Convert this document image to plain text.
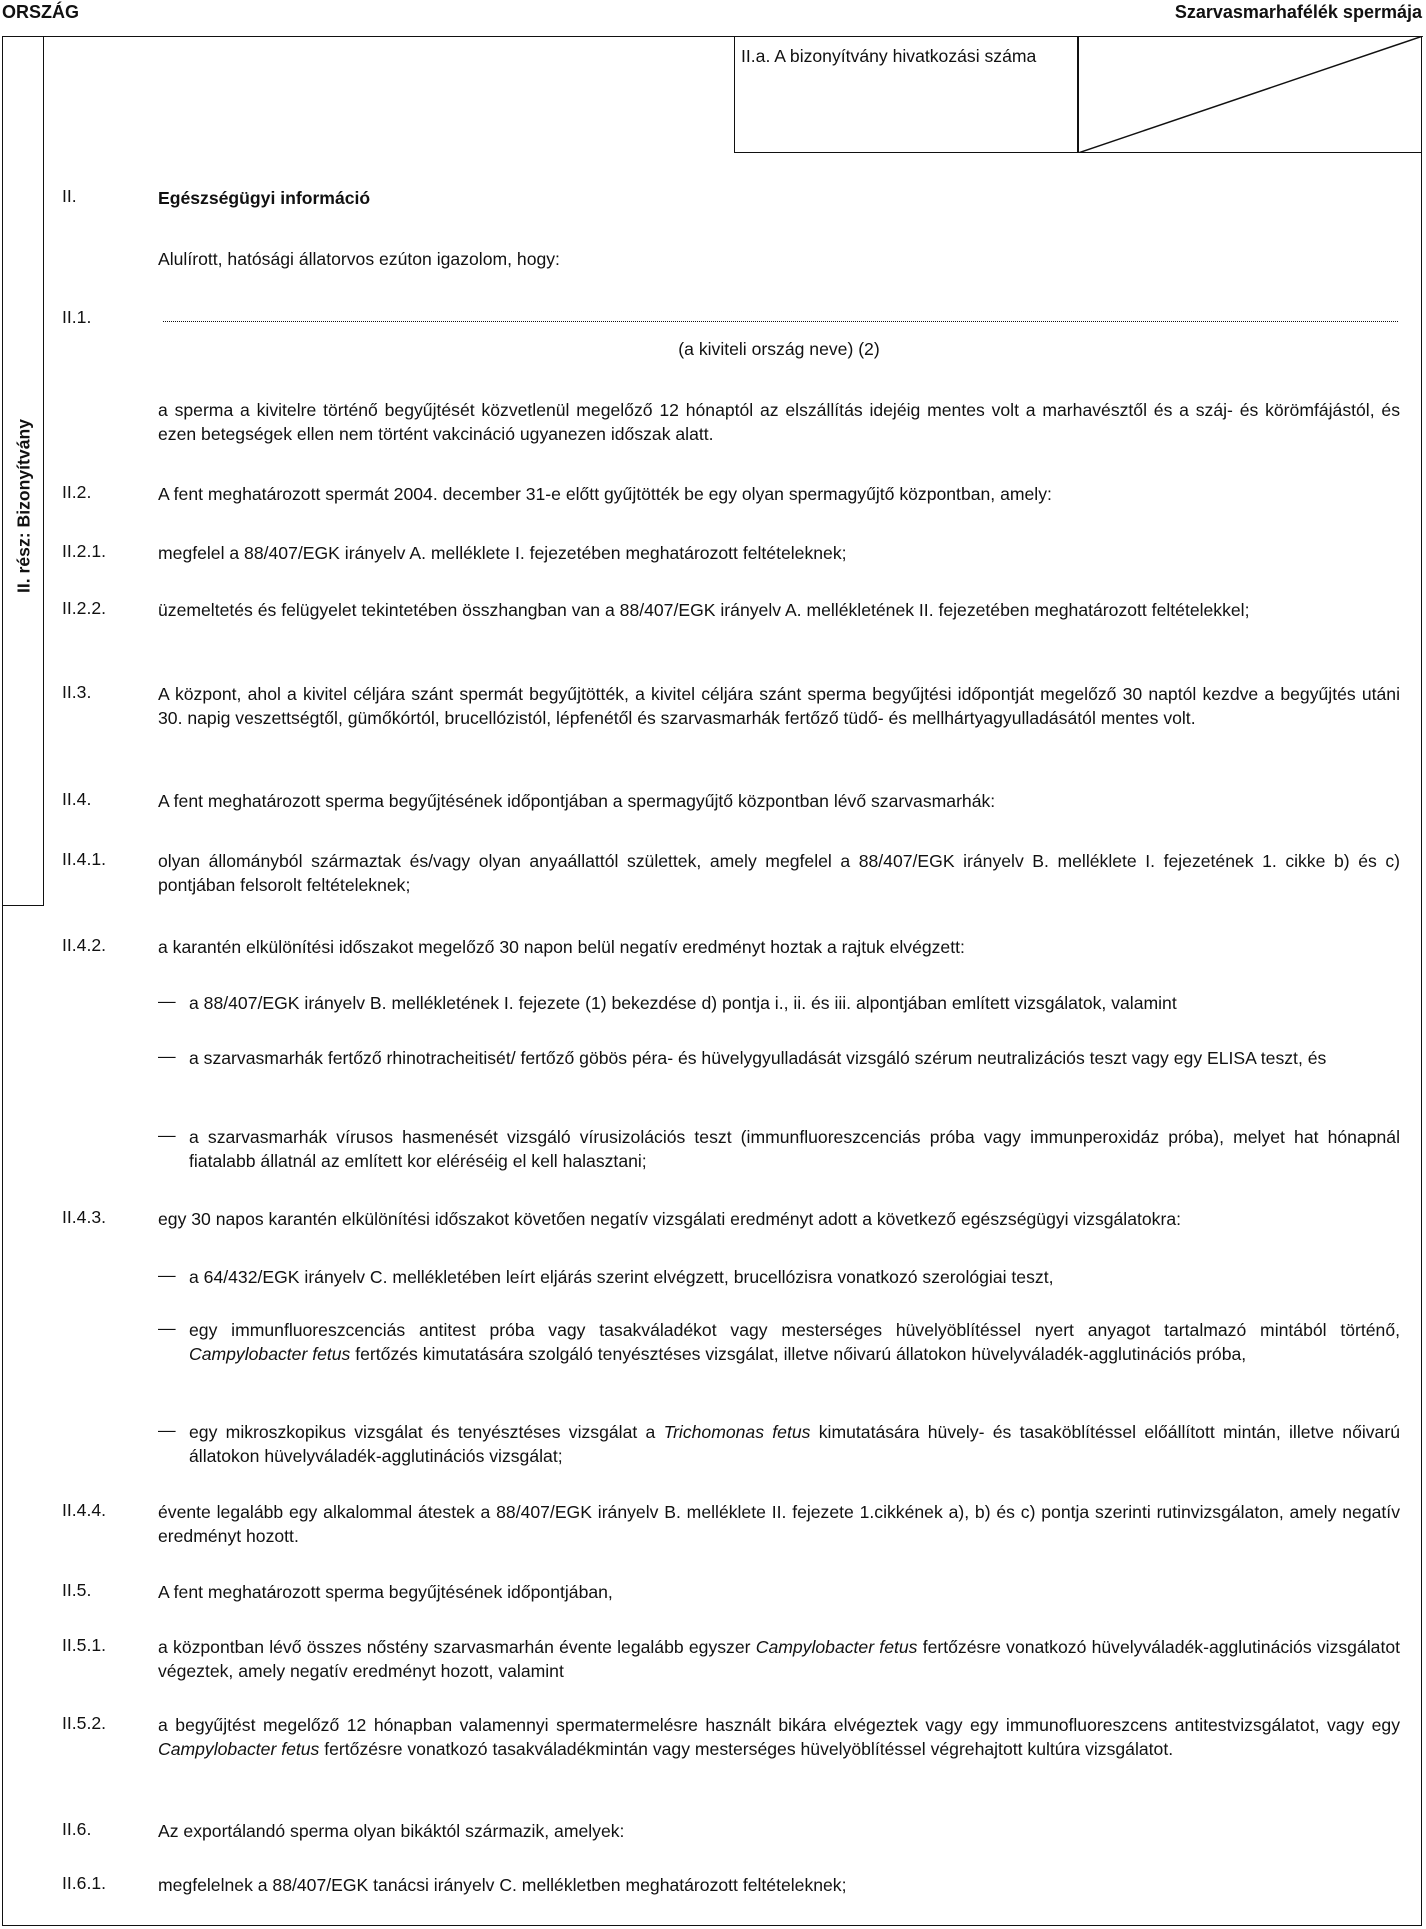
ORSZÁG	Szarvasmarhafélék spermája
II. rész: Bizonyítvány
II.a. A bizonyítvány hivatkozási száma
II.	Egészségügyi információ
Alulírott, hatósági állatorvos ezúton igazolom, hogy:
II.1.
(a kiviteli ország neve) (2)
a sperma a kivitelre történő begyűjtését közvetlenül megelőző 12 hónaptól az elszállítás idejéig mentes volt a marhavésztől és a száj- és körömfájástól, és ezen betegségek ellen nem történt vakcináció ugyanezen időszak alatt.
II.2.	A fent meghatározott spermát 2004. december 31-e előtt gyűjtötték be egy olyan spermagyűjtő központban, amely:
II.2.1.	megfelel a 88/407/EGK irányelv A. melléklete I. fejezetében meghatározott feltételeknek;
II.2.2.	üzemeltetés és felügyelet tekintetében összhangban van a 88/407/EGK irányelv A. mellékletének II. fejezetében meghatározott feltételekkel;
II.3.	A központ, ahol a kivitel céljára szánt spermát begyűjtötték, a kivitel céljára szánt sperma begyűjtési időpontját megelőző 30 naptól kezdve a begyűjtés utáni 30. napig veszettségtől, gümőkórtól, brucellózistól, lépfenétől és szarvasmarhák fertőző tüdő- és mellhártyagyulladásától mentes volt.
II.4.	A fent meghatározott sperma begyűjtésének időpontjában a spermagyűjtő központban lévő szarvasmarhák:
II.4.1.	olyan állományból származtak és/vagy olyan anyaállattól születtek, amely megfelel a 88/407/EGK irányelv B. melléklete I. fejezetének 1. cikke b) és c) pontjában felsorolt feltételeknek;
II.4.2.	a karantén elkülönítési időszakot megelőző 30 napon belül negatív eredményt hoztak a rajtuk elvégzett:
— a 88/407/EGK irányelv B. mellékletének I. fejezete (1) bekezdése d) pontja i., ii. és iii. alpontjában említett vizsgálatok, valamint
— a szarvasmarhák fertőző rhinotracheitisét/ fertőző göbös péra- és hüvelygyulladását vizsgáló szérum neutralizációs teszt vagy egy ELISA teszt, és
— a szarvasmarhák vírusos hasmenését vizsgáló vírusizolációs teszt (immunfluoreszcenciás próba vagy immunperoxidáz próba), melyet hat hónapnál fiatalabb állatnál az említett kor eléréséig el kell halasztani;
II.4.3.	egy 30 napos karantén elkülönítési időszakot követően negatív vizsgálati eredményt adott a következő egészségügyi vizsgálatokra:
— a 64/432/EGK irányelv C. mellékletében leírt eljárás szerint elvégzett, brucellózisra vonatkozó szerológiai teszt,
— egy immunfluoreszcenciás antitest próba vagy tasakváladékot vagy mesterséges hüvelyöblítéssel nyert anyagot tartalmazó mintából történő, Campylobacter fetus fertőzés kimutatására szolgáló tenyésztéses vizsgálat, illetve nőivarú állatokon hüvelyváladék-agglutinációs próba,
— egy mikroszkopikus vizsgálat és tenyésztéses vizsgálat a Trichomonas fetus kimutatására hüvely- és tasaköblítéssel előállított mintán, illetve nőivarú állatokon hüvelyváladék-agglutinációs vizsgálat;
II.4.4.	évente legalább egy alkalommal átestek a 88/407/EGK irányelv B. melléklete II. fejezete 1.cikkének a), b) és c) pontja szerinti rutinvizsgálaton, amely negatív eredményt hozott.
II.5.	A fent meghatározott sperma begyűjtésének időpontjában,
II.5.1.	a központban lévő összes nőstény szarvasmarhán évente legalább egyszer Campylobacter fetus fertőzésre vonatkozó hüvelyváladék-agglutinációs vizsgálatot végeztek, amely negatív eredményt hozott, valamint
II.5.2.	a begyűjtést megelőző 12 hónapban valamennyi spermatermelésre használt bikára elvégeztek vagy egy immunofluoreszcens antitestvizsgálatot, vagy egy Campylobacter fetus fertőzésre vonatkozó tasakváladékmintán vagy mesterséges hüvelyöblítéssel végrehajtott kultúra vizsgálatot.
II.6.	Az exportálandó sperma olyan bikáktól származik, amelyek:
II.6.1.	megfelelnek a 88/407/EGK tanácsi irányelv C. mellékletben meghatározott feltételeknek;
